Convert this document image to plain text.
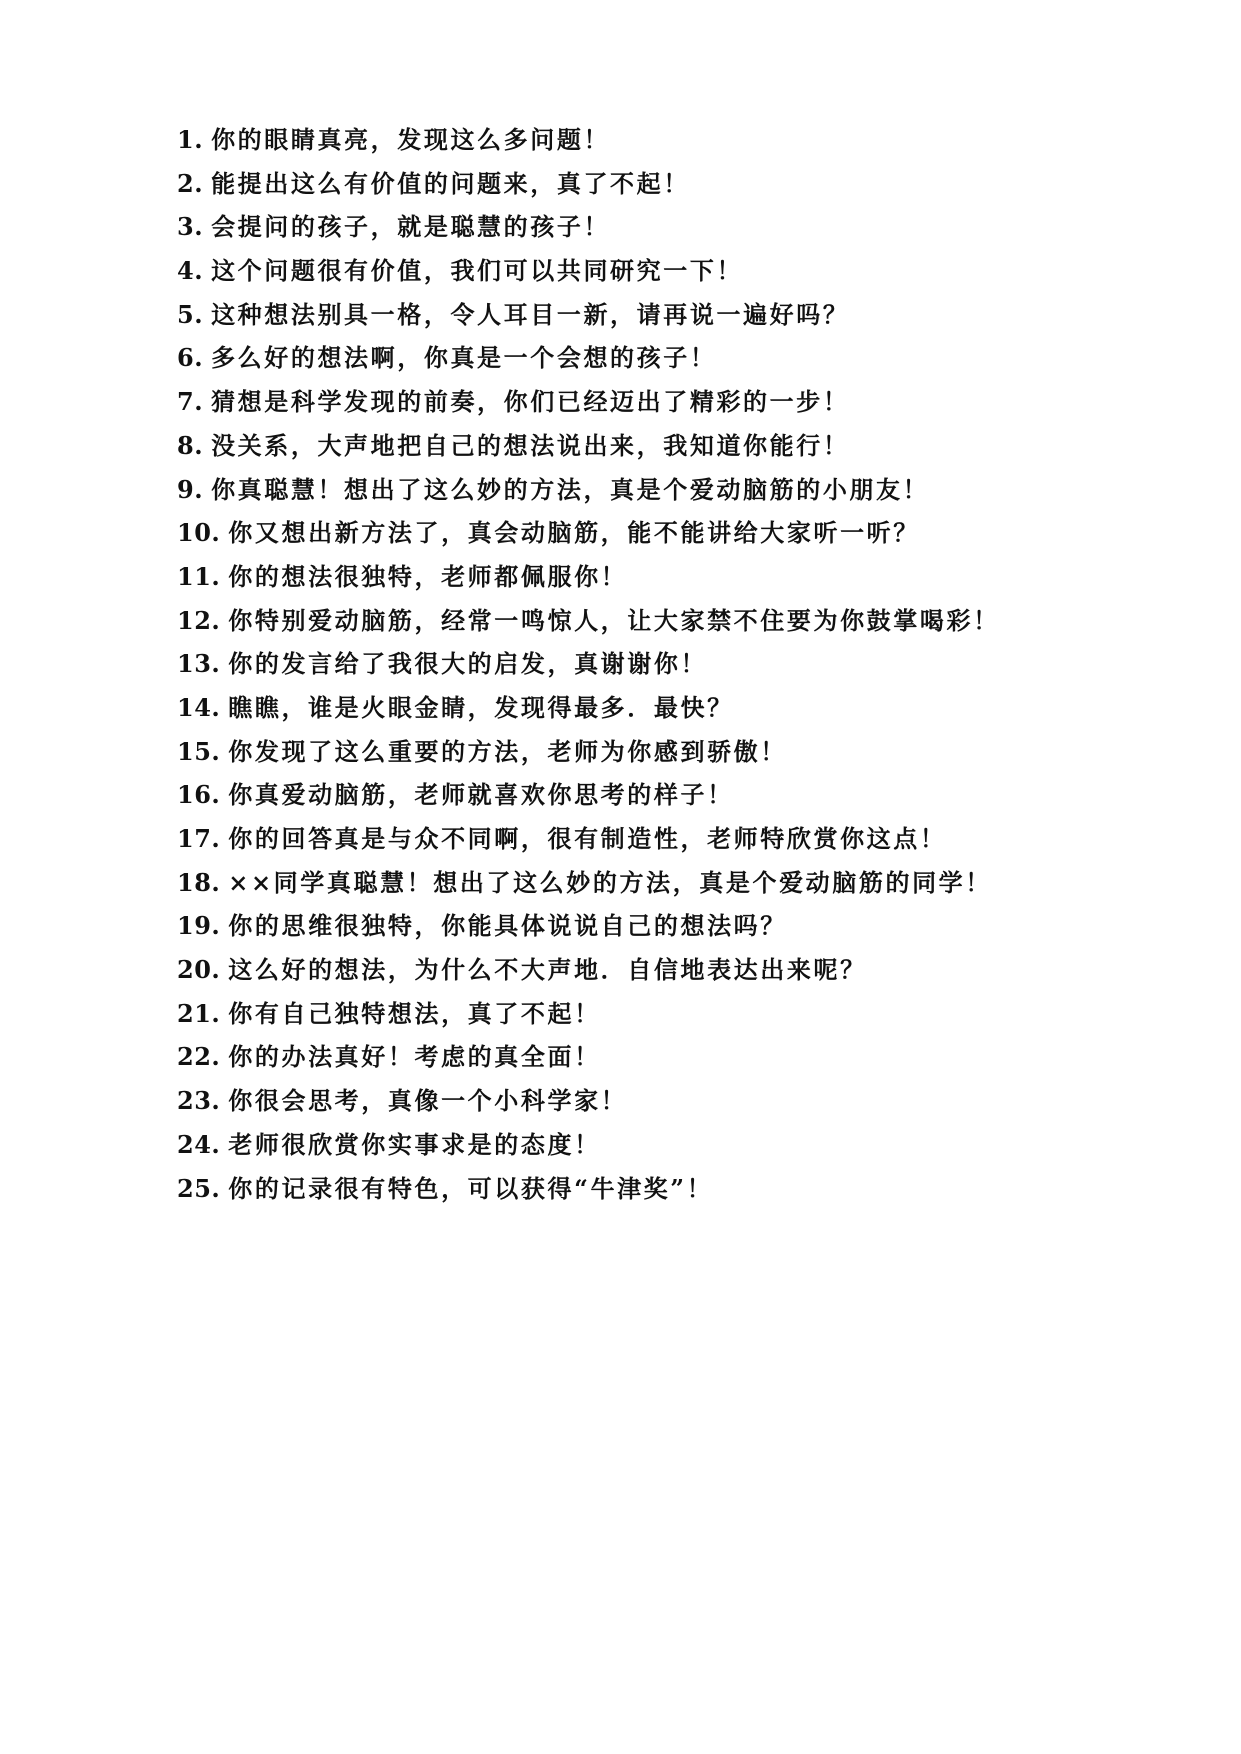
1. 你的眼睛真亮，发现这么多问题！
2. 能提出这么有价值的问题来，真了不起！
3. 会提问的孩子，就是聪慧的孩子！
4. 这个问题很有价值，我们可以共同研究一下！
5. 这种想法别具一格，令人耳目一新，请再说一遍好吗？
6. 多么好的想法啊，你真是一个会想的孩子！
7. 猜想是科学发现的前奏，你们已经迈出了精彩的一步！
8. 没关系，大声地把自己的想法说出来，我知道你能行！
9. 你真聪慧！想出了这么妙的方法，真是个爱动脑筋的小朋友！
10. 你又想出新方法了，真会动脑筋，能不能讲给大家听一听？
11. 你的想法很独特，老师都佩服你！
12. 你特别爱动脑筋，经常一鸣惊人，让大家禁不住要为你鼓掌喝彩！
13. 你的发言给了我很大的启发，真谢谢你！
14. 瞧瞧，谁是火眼金睛，发现得最多．最快？
15. 你发现了这么重要的方法，老师为你感到骄傲！
16. 你真爱动脑筋，老师就喜欢你思考的样子！
17. 你的回答真是与众不同啊，很有制造性，老师特欣赏你这点！
18. ××同学真聪慧！想出了这么妙的方法，真是个爱动脑筋的同学！
19. 你的思维很独特，你能具体说说自己的想法吗？
20. 这么好的想法，为什么不大声地．自信地表达出来呢？
21. 你有自己独特想法，真了不起！
22. 你的办法真好！考虑的真全面！
23. 你很会思考，真像一个小科学家！
24. 老师很欣赏你实事求是的态度！
25. 你的记录很有特色，可以获得“牛津奖”！
